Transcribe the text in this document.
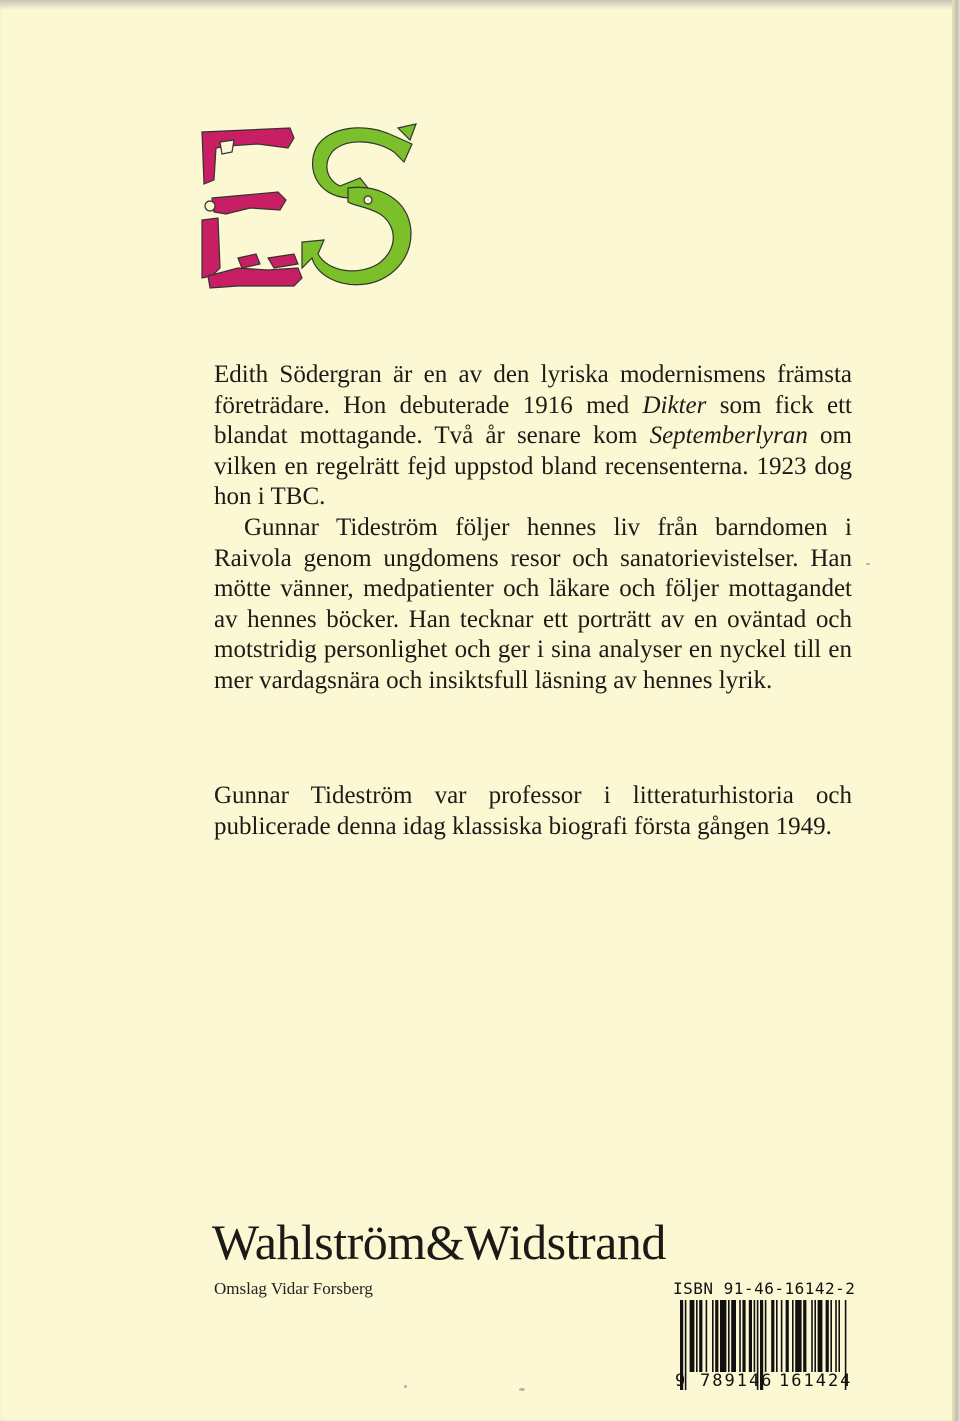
Edith Södergran är en av den lyriska modernismens främsta företrädare. Hon debuterade 1916 med Dikter som fick ett blandat mottagande. Två år senare kom Septemberlyran om vilken en regelrätt fejd uppstod bland recensenterna. 1923 dog hon i TBC.

Gunnar Tideström följer hennes liv från barndomen i Raivola genom ungdomens resor och sanatorievistelser. Han mötte vänner, medpatienter och läkare och följer mottagandet av hennes böcker. Han tecknar ett porträtt av en oväntad och motstridig personlighet och ger i sina analyser en nyckel till en mer vardagsnära och insiktsfull läsning av hennes lyrik.

Gunnar Tideström var professor i litteraturhistoria och publicerade denna idag klassiska biografi första gången 1949.

Wahlström&Widstrand
Omslag Vidar Forsberg	ISBN 91-46-16142-2
9 789146 161424
